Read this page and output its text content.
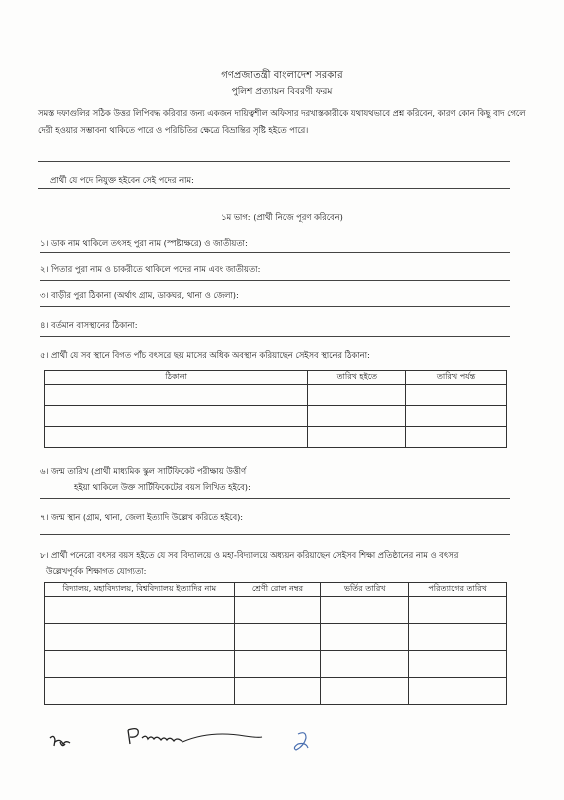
গণপ্রজাতন্ত্রী বাংলাদেশ সরকার
পুলিশ প্রত্যায়ন বিবরণী ফরম
সমস্ত দফাগুলির সঠিক উত্তর লিপিবদ্ধ করিবার জন্য একজন দায়িত্বশীল অফিসার দরখাস্তকারীকে যথাযথভাবে প্রশ্ন করিবেন, কারণ কোন কিছু বাদ গেলে দেরী হওয়ার সম্ভাবনা থাকিতে পারে ও পরিচিতির ক্ষেত্রে বিভ্রান্তির সৃষ্টি হইতে পারে।
প্রার্থী যে পদে নিযুক্ত হইবেন সেই পদের নাম:
১ম ভাগ: (প্রার্থী নিজে পূরণ করিবেন)
১। ডাক নাম থাকিলে তৎসহ পুরা নাম (স্পষ্টাক্ষরে) ও জাতীয়তা:
২। পিতার পুরা নাম ও চাকরীতে থাকিলে পদের নাম এবং জাতীয়তা:
৩। বাড়ীর পুরা ঠিকানা (অর্থাৎ গ্রাম, ডাকঘর, থানা ও জেলা):
৪। বর্তমান বাসস্থানের ঠিকানা:
৫। প্রার্থী যে সব স্থানে বিগত পাঁচ বৎসরে ছয় মাসের অধিক অবস্থান করিয়াছেন সেইসব স্থানের ঠিকানা:
ঠিকানা	তারিখ হইতে	তারিখ পর্যন্ত

৬। জন্ম তারিখ (প্রার্থী মাধ্যমিক স্কুল সার্টিফিকেট পরীক্ষায় উত্তীর্ণ
হইয়া থাকিলে উক্ত সার্টিফিকেটের বয়স লিখিত হইবে):
৭। জন্ম স্থান (গ্রাম, থানা, জেলা ইত্যাদি উল্লেখ করিতে হইবে):
৮। প্রার্থী পনেরো বৎসর বয়স হইতে যে সব বিদ্যালয়ে ও মহা-বিদ্যালয়ে অধ্যয়ন করিয়াছেন সেইসব শিক্ষা প্রতিষ্ঠানের নাম ও বৎসর
উল্লেখপূর্বক শিক্ষাগত যোগ্যতা:
বিদ্যালয়, মহাবিদ্যালয়, বিশ্ববিদ্যালয় ইত্যাদির নাম	শ্রেণী রোল নম্বর	ভর্তির তারিখ	পরিত্যাগের তারিখ
